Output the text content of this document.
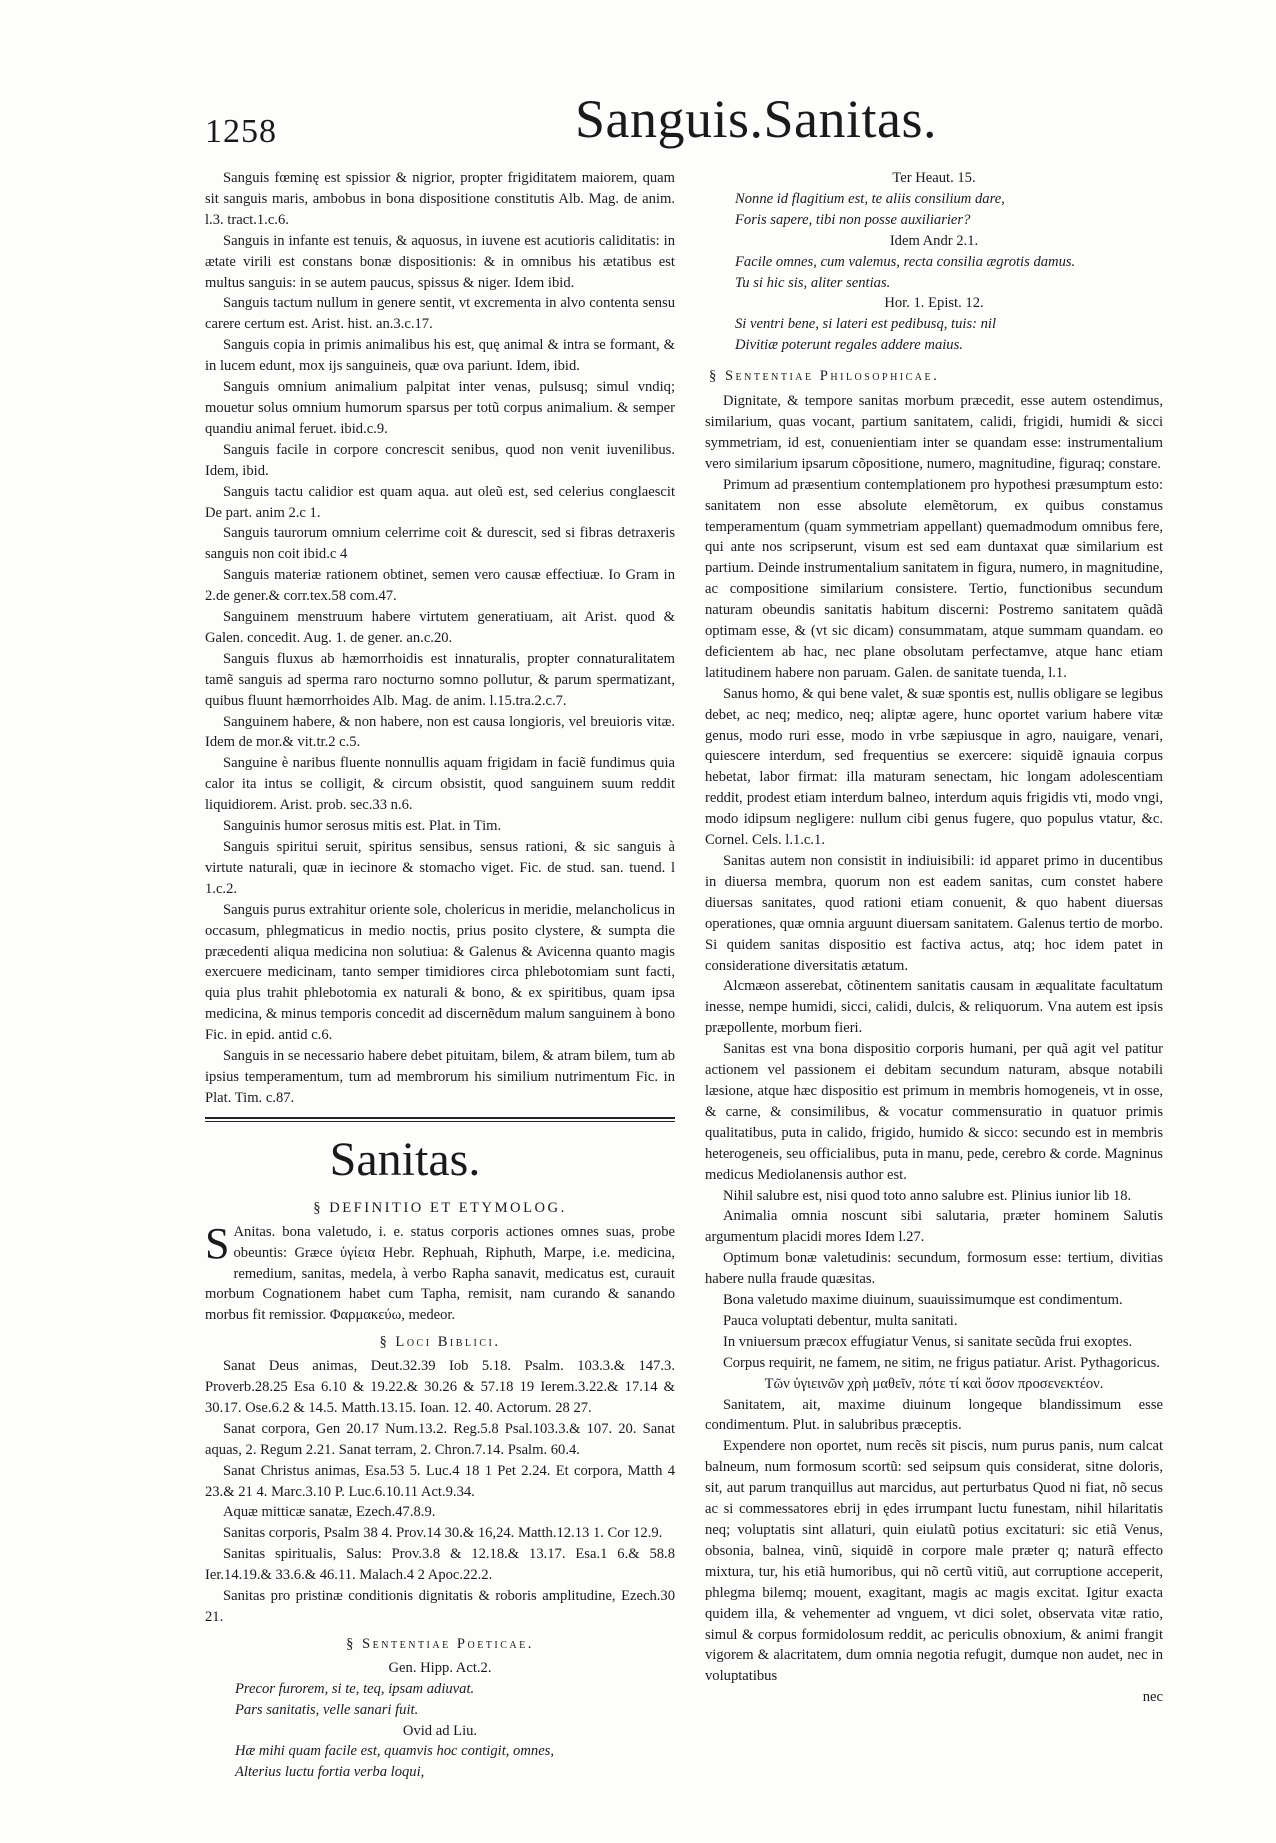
1258	Sanguis.Sanitas.

Sanguis fœminę est spissior & nigrior, propter frigiditatem maiorem, quam sit sanguis maris, ambobus in bona dispositione constitutis Alb. Mag. de anim. l.3. tract.1.c.6.

Sanguis in infante est tenuis, & aquosus, in iuvene est acutioris caliditatis: in ætate virili est constans bonæ dispositionis: & in omnibus his ætatibus est multus sanguis: in se autem paucus, spissus & niger. Idem ibid.

Sanguis tactum nullum in genere sentit, vt excrementa in alvo contenta sensu carere certum est. Arist. hist. an.3.c.17.

Sanguis copia in primis animalibus his est, quę animal & intra se formant, & in lucem edunt, mox ijs sanguineis, quæ ova pariunt. Idem, ibid.

Sanguis omnium animalium palpitat inter venas, pulsusq; simul vndiq; mouetur solus omnium humorum sparsus per totũ corpus animalium. & semper quandiu animal feruet. ibid.c.9.

Sanguis facile in corpore concrescit senibus, quod non venit iuvenilibus. Idem, ibid.

Sanguis tactu calidior est quam aqua. aut oleũ est, sed celerius conglaescit De part. anim 2.c 1.

Sanguis taurorum omnium celerrime coit & durescit, sed si fibras detraxeris sanguis non coit ibid.c 4

Sanguis materiæ rationem obtinet, semen vero causæ effectiuæ. Io Gram in 2.de gener.& corr.tex.58 com.47.

Sanguinem menstruum habere virtutem generatiuam, ait Arist. quod & Galen. concedit. Aug. 1. de gener. an.c.20.

Sanguis fluxus ab hæmorrhoidis est innaturalis, propter connaturalitatem tamẽ sanguis ad sperma raro nocturno somno pollutur, & parum spermatizant, quibus fluunt hæmorrhoides Alb. Mag. de anim. l.15.tra.2.c.7.

Sanguinem habere, & non habere, non est causa longioris, vel breuioris vitæ. Idem de mor.& vit.tr.2 c.5.

Sanguine è naribus fluente nonnullis aquam frigidam in faciẽ fundimus quia calor ita intus se colligit, & circum obsistit, quod sanguinem suum reddit liquidiorem. Arist. prob. sec.33 n.6.

Sanguinis humor serosus mitis est. Plat. in Tim.

Sanguis spiritui seruit, spiritus sensibus, sensus rationi, & sic sanguis à virtute naturali, quæ in iecinore & stomacho viget. Fic. de stud. san. tuend. l 1.c.2.

Sanguis purus extrahitur oriente sole, cholericus in meridie, melancholicus in occasum, phlegmaticus in medio noctis, prius posito clystere, & sumpta die præcedenti aliqua medicina non solutiua: & Galenus & Avicenna quanto magis exercuere medicinam, tanto semper timidiores circa phlebotomiam sunt facti, quia plus trahit phlebotomia ex naturali & bono, & ex spiritibus, quam ipsa medicina, & minus temporis concedit ad discernẽdum malum sanguinem à bono Fic. in epid. antid c.6.

Sanguis in se necessario habere debet pituitam, bilem, & atram bilem, tum ab ipsius temperamentum, tum ad membrorum his similium nutrimentum Fic. in Plat. Tim. c.87.

Sanitas.

§ DEFINITIO ET ETYMOLOG.

S Anitas. bona valetudo, i. e. status corporis actiones omnes suas, probe obeuntis: Græce ὑγίεια Hebr. Rephuah, Riphuth, Marpe, i.e. medicina, remedium, sanitas, medela, à verbo Rapha sanavit, medicatus est, curauit morbum Cognationem habet cum Tapha, remisit, nam curando & sanando morbus fit remissior. Φαρμακεύω, medeor.

§ Loci Biblici.

Sanat Deus animas, Deut.32.39 Iob 5.18. Psalm. 103.3.& 147.3. Proverb.28.25 Esa 6.10 & 19.22.& 30.26 & 57.18 19 Ierem.3.22.& 17.14 & 30.17. Ose.6.2 & 14.5. Matth.13.15. Ioan. 12. 40. Actorum. 28 27.

Sanat corpora, Gen 20.17 Num.13.2. Reg.5.8 Psal.103.3.& 107. 20. Sanat aquas, 2. Regum 2.21. Sanat terram, 2. Chron.7.14. Psalm. 60.4.

Sanat Christus animas, Esa.53 5. Luc.4 18 1 Pet 2.24. Et corpora, Matth 4 23.& 21 4. Marc.3.10 P. Luc.6.10.11 Act.9.34.

Aquæ mitticæ sanatæ, Ezech.47.8.9.

Sanitas corporis, Psalm 38 4. Prov.14 30.& 16,24. Matth.12.13 1. Cor 12.9.

Sanitas spiritualis, Salus: Prov.3.8 & 12.18.& 13.17. Esa.1 6.& 58.8 Ier.14.19.& 33.6.& 46.11. Malach.4 2 Apoc.22.2.

Sanitas pro pristinæ conditionis dignitatis & roboris amplitudine, Ezech.30 21.

§ Sententiae Poeticae.

Gen. Hipp. Act.2.

Precor furorem, si te, teq, ipsam adiuvat.

Pars sanitatis, velle sanari fuit.

Ovid ad Liu.

Hæ mihi quam facile est, quamvis hoc contigit, omnes,

Alterius luctu fortia verba loqui,

Ter Heaut. 15.

Nonne id flagitium est, te aliis consilium dare,

Foris sapere, tibi non posse auxiliarier?

Idem Andr 2.1.

Facile omnes, cum valemus, recta consilia ægrotis damus.

Tu si hic sis, aliter sentias.

Hor. 1. Epist. 12.

Si ventri bene, si lateri est pedibusq, tuis: nil

Divitiæ poterunt regales addere maius.

§ Sententiae Philosophicae.

Dignitate, & tempore sanitas morbum præcedit, esse autem ostendimus, similarium, quas vocant, partium sanitatem, calidi, frigidi, humidi & sicci symmetriam, id est, conuenientiam inter se quandam esse: instrumentalium vero similarium ipsarum cõpositione, numero, magnitudine, figuraq; constare.

Primum ad præsentium contemplationem pro hypothesi præsumptum esto: sanitatem non esse absolute elemẽtorum, ex quibus constamus temperamentum (quam symmetriam appellant) quemadmodum omnibus fere, qui ante nos scripserunt, visum est sed eam duntaxat quæ similarium est partium. Deinde instrumentalium sanitatem in figura, numero, in magnitudine, ac compositione similarium consistere. Tertio, functionibus secundum naturam obeundis sanitatis habitum discerni: Postremo sanitatem quãdã optimam esse, & (vt sic dicam) consummatam, atque summam quandam. eo deficientem ab hac, nec plane obsolutam perfectamve, atque hanc etiam latitudinem habere non paruam. Galen. de sanitate tuenda, l.1.

Sanus homo, & qui bene valet, & suæ spontis est, nullis obligare se legibus debet, ac neq; medico, neq; aliptæ agere, hunc oportet varium habere vitæ genus, modo ruri esse, modo in vrbe sæpiusque in agro, nauigare, venari, quiescere interdum, sed frequentius se exercere: siquidẽ ignauia corpus hebetat, labor firmat: illa maturam senectam, hic longam adolescentiam reddit, prodest etiam interdum balneo, interdum aquis frigidis vti, modo vngi, modo idipsum negligere: nullum cibi genus fugere, quo populus vtatur, &c. Cornel. Cels. l.1.c.1.

Sanitas autem non consistit in indiuisibili: id apparet primo in ducentibus in diuersa membra, quorum non est eadem sanitas, cum constet habere diuersas sanitates, quod rationi etiam conuenit, & quo habent diuersas operationes, quæ omnia arguunt diuersam sanitatem. Galenus tertio de morbo. Si quidem sanitas dispositio est factiva actus, atq; hoc idem patet in consideratione diversitatis ætatum.

Alcmæon asserebat, cõtinentem sanitatis causam in æqualitate facultatum inesse, nempe humidi, sicci, calidi, dulcis, & reliquorum. Vna autem est ipsis præpollente, morbum fieri.

Sanitas est vna bona dispositio corporis humani, per quã agit vel patitur actionem vel passionem ei debitam secundum naturam, absque notabili læsione, atque hæc dispositio est primum in membris homogeneis, vt in osse, & carne, & consimilibus, & vocatur commensuratio in quatuor primis qualitatibus, puta in calido, frigido, humido & sicco: secundo est in membris heterogeneis, seu officialibus, puta in manu, pede, cerebro & corde. Magninus medicus Mediolanensis author est.

Nihil salubre est, nisi quod toto anno salubre est. Plinius iunior lib 18.

Animalia omnia noscunt sibi salutaria, præter hominem Salutis argumentum placidi mores Idem l.27.

Optimum bonæ valetudinis: secundum, formosum esse: tertium, divitias habere nulla fraude quæsitas.

Bona valetudo maxime diuinum, suauissimumque est condimentum.

Pauca voluptati debentur, multa sanitati.

In vniuersum præcox effugiatur Venus, si sanitate secũda frui exoptes.

Corpus requirit, ne famem, ne sitim, ne frigus patiatur. Arist. Pythagoricus.

Τῶν ὑγιεινῶν χρὴ μαθεῖν, πότε τί καὶ ὅσον προσενεκτέον.

Sanitatem, ait, maxime diuinum longeque blandissimum esse condimentum. Plut. in salubribus præceptis.

Expendere non oportet, num recẽs sit piscis, num purus panis, num calcat balneum, num formosum scortũ: sed seipsum quis considerat, sitne doloris, sit, aut parum tranquillus aut marcidus, aut perturbatus Quod ni fiat, nõ secus ac si commessatores ebrij in ędes irrumpant luctu funestam, nihil hilaritatis neq; voluptatis sint allaturi, quin eiulatũ potius excitaturi: sic etiã Venus, obsonia, balnea, vinũ, siquidẽ in corpore male præter q; naturã effecto mixtura, tur, his etiã humoribus, qui nõ certũ vitiũ, aut corruptione acceperit, phlegma bilemq; mouent, exagitant, magis ac magis excitat. Igitur exacta quidem illa, & vehementer ad vnguem, vt dici solet, observata vitæ ratio, simul & corpus formidolosum reddit, ac periculis obnoxium, & animi frangit vigorem & alacritatem, dum omnia negotia refugit, dumque non audet, nec in voluptatibus

nec
